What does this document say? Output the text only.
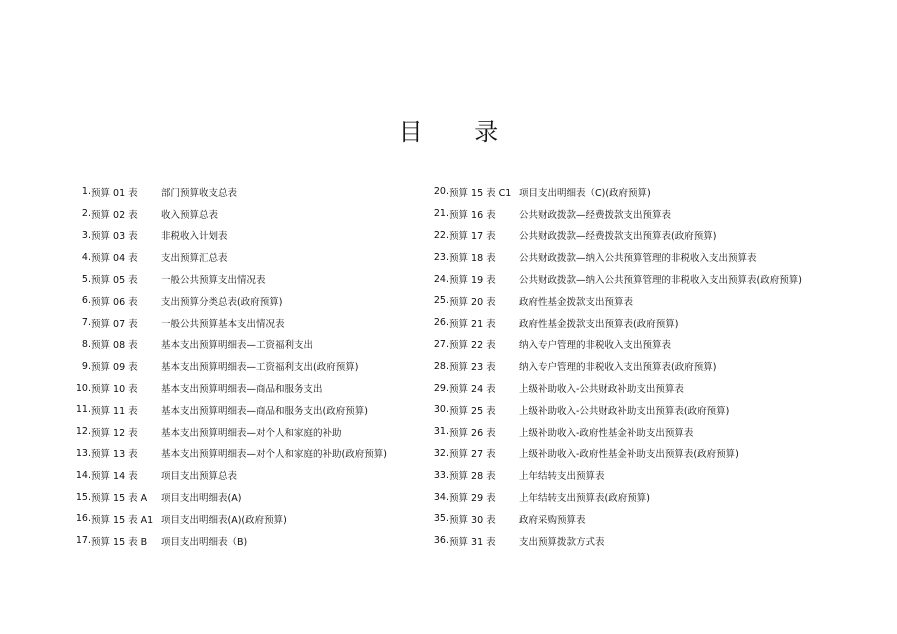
目 录
1. 预算 01 表	部门预算收支总表
2. 预算 02 表	收入预算总表
3. 预算 03 表	非税收入计划表
4. 预算 04 表	支出预算汇总表
5. 预算 05 表	一般公共预算支出情况表
6. 预算 06 表	支出预算分类总表(政府预算)
7. 预算 07 表	一般公共预算基本支出情况表
8. 预算 08 表	基本支出预算明细表—工资福利支出
9. 预算 09 表	基本支出预算明细表—工资福利支出(政府预算)
10. 预算 10 表	基本支出预算明细表—商品和服务支出
11. 预算 11 表	基本支出预算明细表—商品和服务支出(政府预算)
12. 预算 12 表	基本支出预算明细表—对个人和家庭的补助
13. 预算 13 表	基本支出预算明细表—对个人和家庭的补助(政府预算)
14. 预算 14 表	项目支出预算总表
15. 预算 15 表 A	项目支出明细表(A)
16. 预算 15 表 A1 项目支出明细表(A)(政府预算)
17. 预算 15 表 B	项目支出明细表（B)
20. 预算 15 表 C1 项目支出明细表（C)(政府预算)
21. 预算 16 表	公共财政拨款—经费拨款支出预算表
22. 预算 17 表	公共财政拨款—经费拨款支出预算表(政府预算)
23. 预算 18 表	公共财政拨款—纳入公共预算管理的非税收入支出预算表
24. 预算 19 表	公共财政拨款—纳入公共预算管理的非税收入支出预算表(政府预算)
25. 预算 20 表	政府性基金拨款支出预算表
26. 预算 21 表	政府性基金拨款支出预算表(政府预算)
27. 预算 22 表	纳入专户管理的非税收入支出预算表
28. 预算 23 表	纳入专户管理的非税收入支出预算表(政府预算)
29. 预算 24 表	上级补助收入-公共财政补助支出预算表
30. 预算 25 表	上级补助收入-公共财政补助支出预算表(政府预算)
31. 预算 26 表	上级补助收入-政府性基金补助支出预算表
32. 预算 27 表	上级补助收入-政府性基金补助支出预算表(政府预算)
33. 预算 28 表	上年结转支出预算表
34. 预算 29 表	上年结转支出预算表(政府预算)
35. 预算 30 表	政府采购预算表
36. 预算 31 表	支出预算拨款方式表
